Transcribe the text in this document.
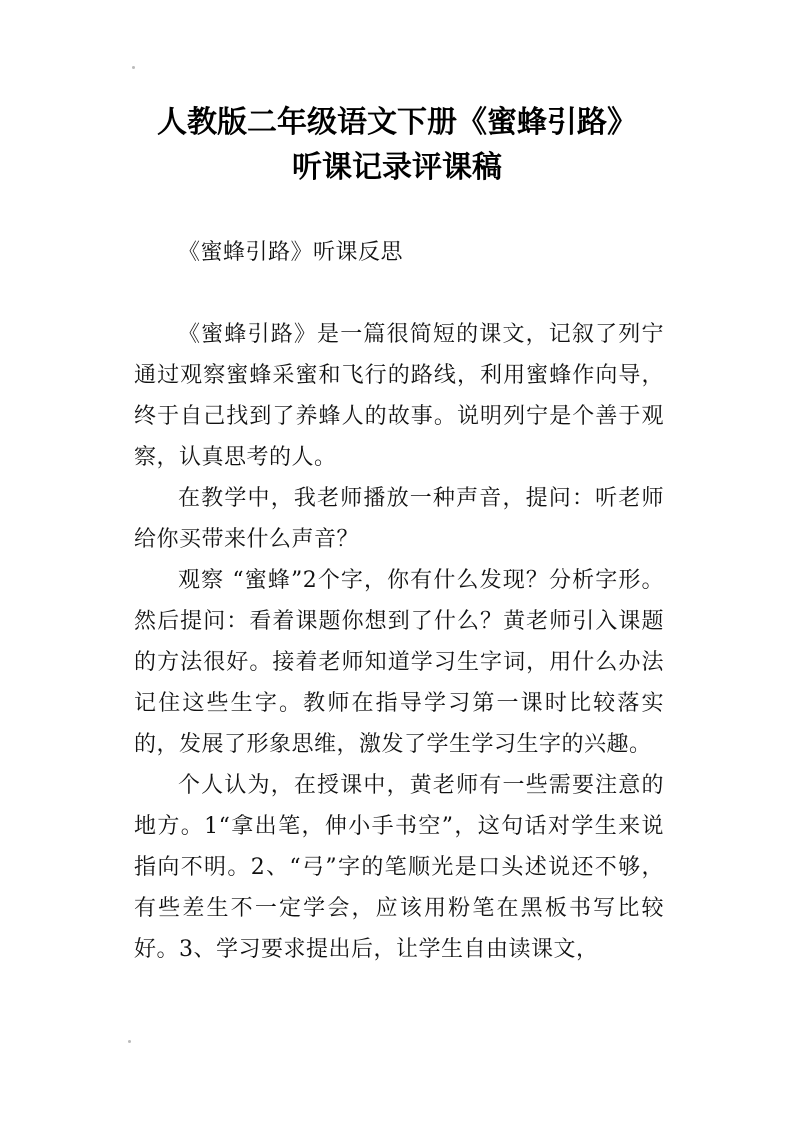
人教版二年级语文下册《蜜蜂引路》
听课记录评课稿

《蜜蜂引路》听课反思

《蜜蜂引路》是一篇很简短的课文，记叙了列宁通过观察蜜蜂采蜜和飞行的路线，利用蜜蜂作向导，终于自己找到了养蜂人的故事。说明列宁是个善于观察，认真思考的人。

在教学中，我老师播放一种声音，提问：听老师给你买带来什么声音？

观察 “蜜蜂”2个字，你有什么发现？分析字形。然后提问：看着课题你想到了什么？黄老师引入课题的方法很好。接着老师知道学习生字词，用什么办法记住这些生字。教师在指导学习第一课时比较落实的，发展了形象思维，激发了学生学习生字的兴趣。

个人认为，在授课中，黄老师有一些需要注意的地方。1“拿出笔，伸小手书空”，这句话对学生来说指向不明。2、“弓”字的笔顺光是口头述说还不够，有些差生不一定学会，应该用粉笔在黑板书写比较好。3、学习要求提出后，让学生自由读课文，
